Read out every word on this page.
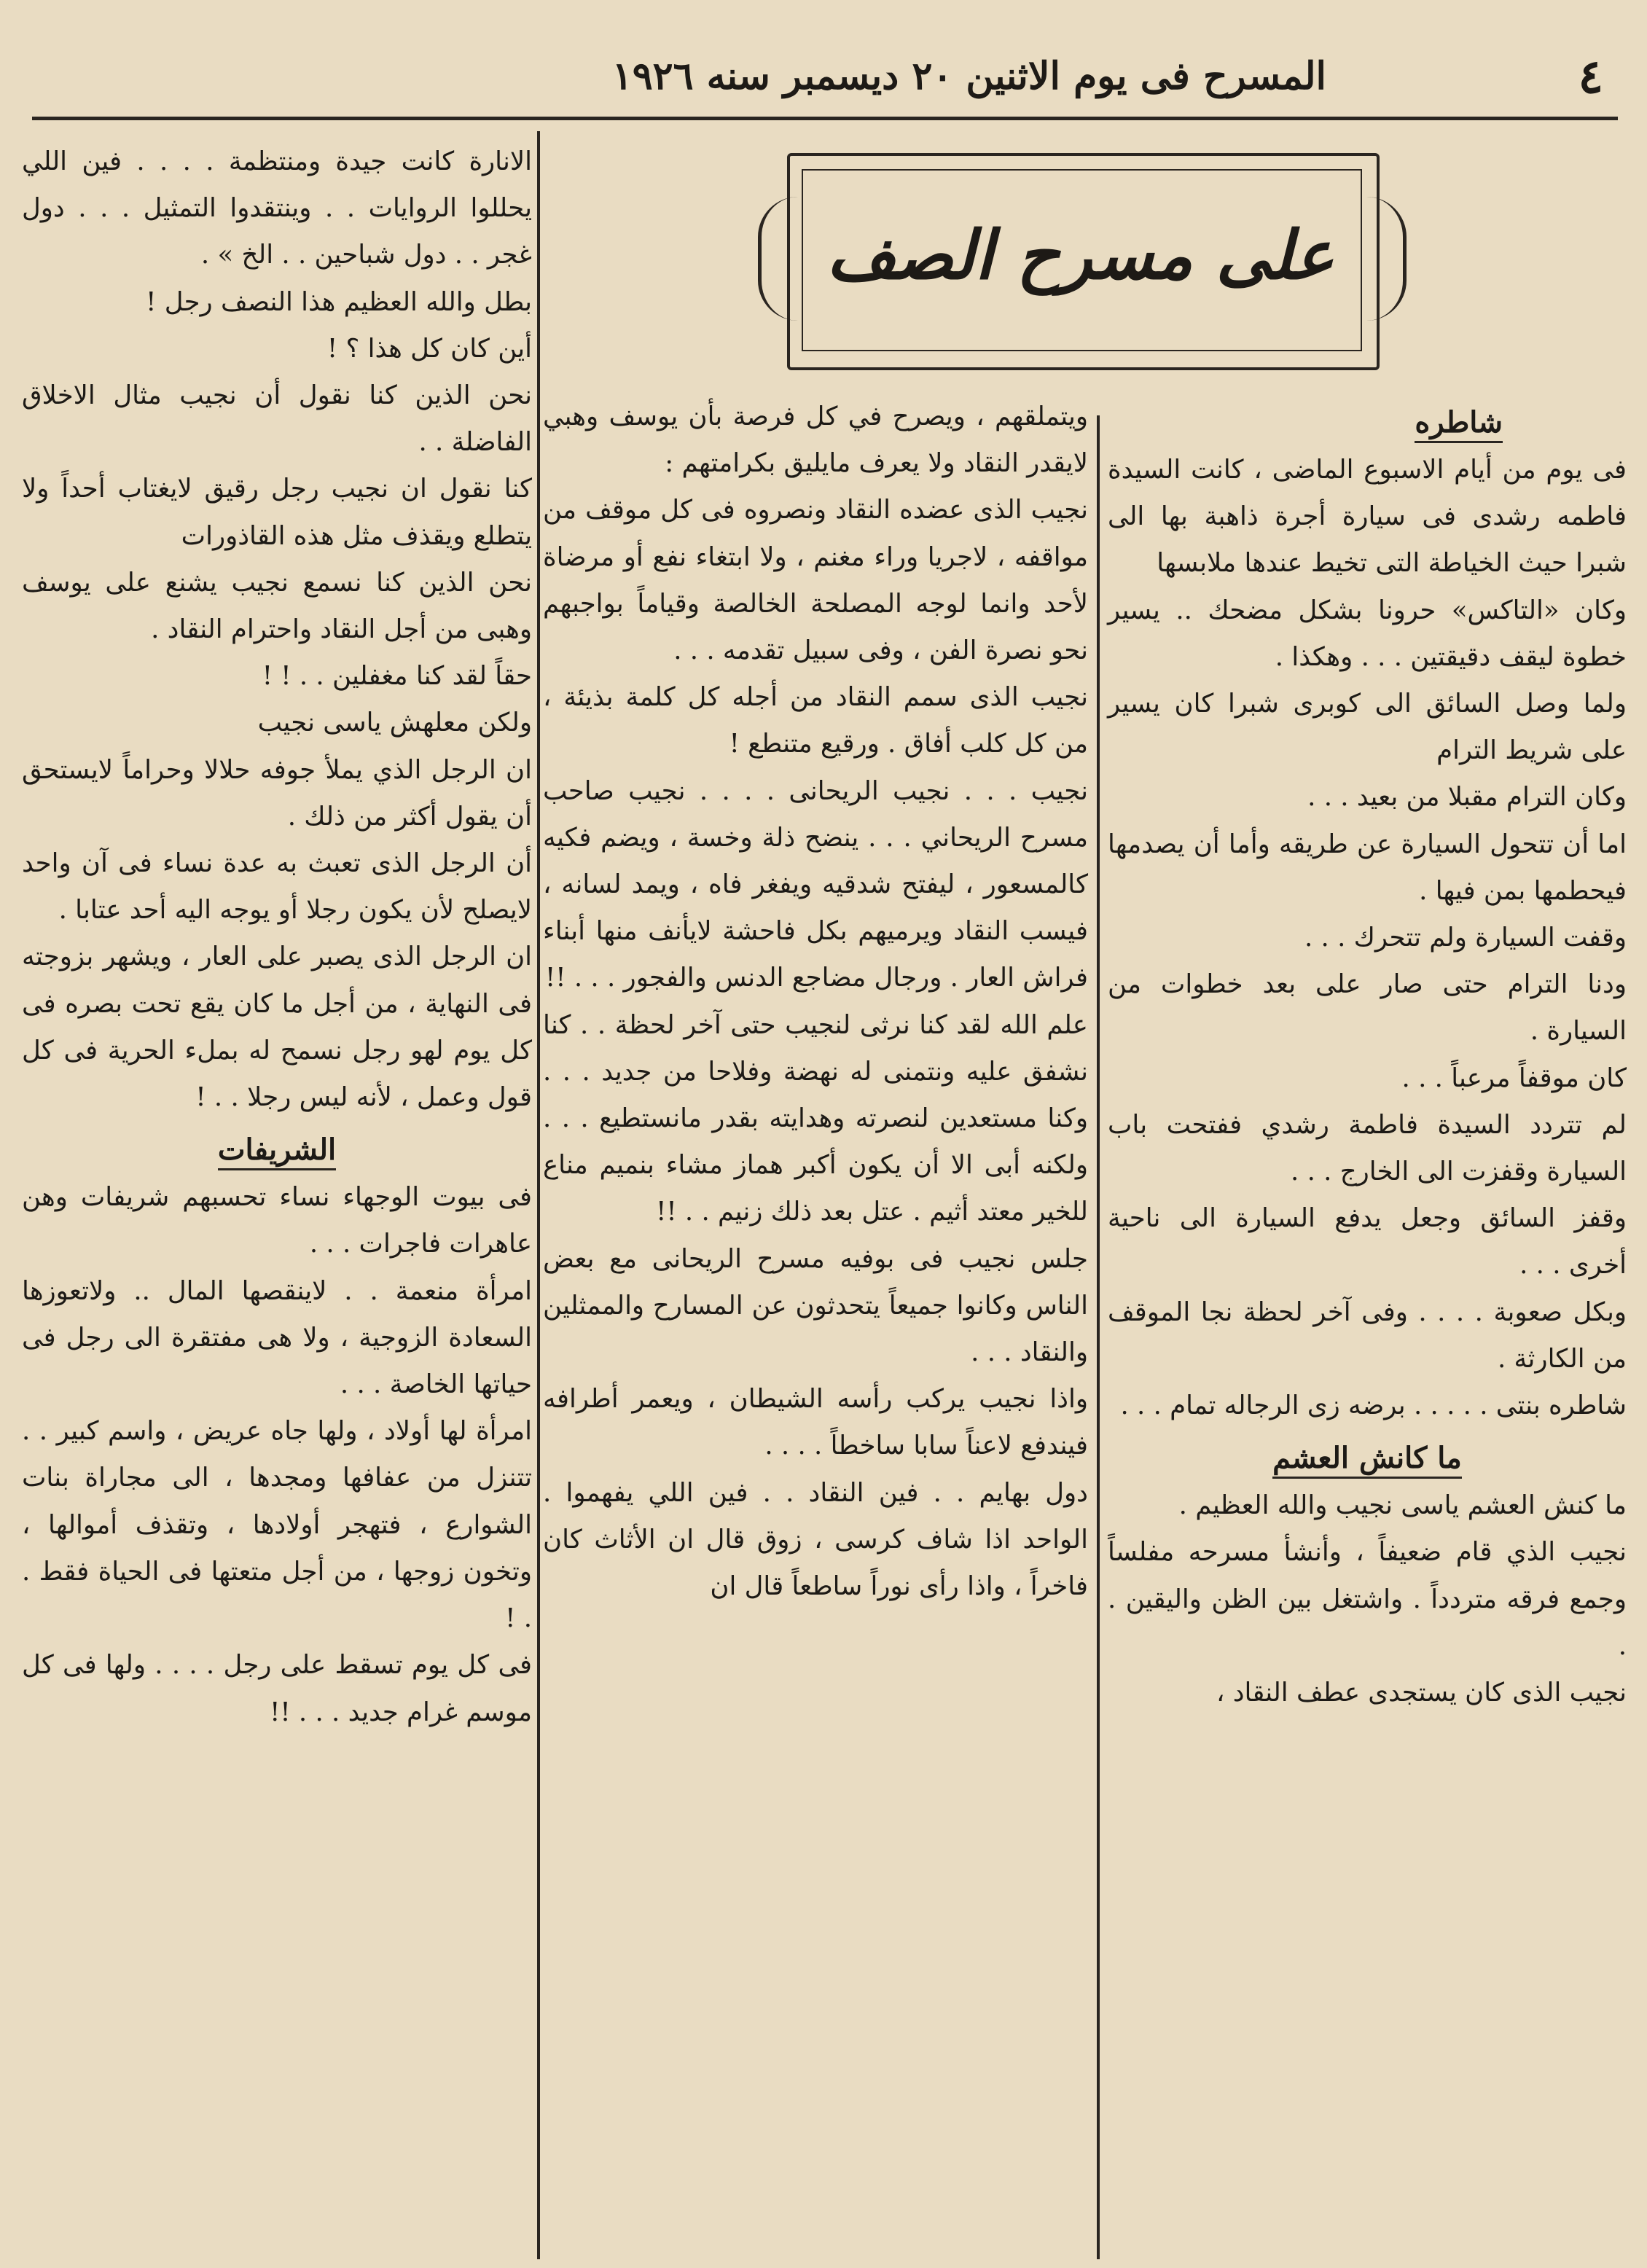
٤
المسرح فى يوم الاثنين ٢٠ ديسمبر سنه ١٩٢٦
على مسرح الصف
شاطره

فى يوم من أيام الاسبوع الماضى ، كانت السيدة فاطمه رشدى فى سيارة أجرة ذاهبة بها الى شبرا حيث الخياطة التى تخيط عندها ملابسها

وكان «التاكس» حرونا بشكل مضحك .. يسير خطوة ليقف دقيقتين . . . وهكذا .

ولما وصل السائق الى كوبرى شبرا كان يسير على شريط الترام

وكان الترام مقبلا من بعيد . . .

اما أن تتحول السيارة عن طريقه وأما أن يصدمها فيحطمها بمن فيها .

وقفت السيارة ولم تتحرك . . .

ودنا الترام حتى صار على بعد خطوات من السيارة .

كان موقفاً مرعباً . . .

لم تتردد السيدة فاطمة رشدي ففتحت باب السيارة وقفزت الى الخارج . . .

وقفز السائق وجعل يدفع السيارة الى ناحية أخرى . . .

وبكل صعوبة . . . . وفى آخر لحظة نجا الموقف من الكارثة .

شاطره بنتى . . . . . برضه زى الرجاله تمام . . .

ما كانش العشم

ما كنش العشم ياسى نجيب والله العظيم .

نجيب الذي قام ضعيفاً ، وأنشأ مسرحه مفلساً وجمع فرقه متردداً . واشتغل بين الظن واليقين . .

نجيب الذى كان يستجدى عطف النقاد ،

ويتملقهم ، ويصرح في كل فرصة بأن يوسف وهبي لايقدر النقاد ولا يعرف مايليق بكرامتهم :

نجيب الذى عضده النقاد ونصروه فى كل موقف من مواقفه ، لاجريا وراء مغنم ، ولا ابتغاء نفع أو مرضاة لأحد وانما لوجه المصلحة الخالصة وقياماً بواجبهم نحو نصرة الفن ، وفى سبيل تقدمه . . .

نجيب الذى سمم النقاد من أجله كل كلمة بذيئة ، من كل كلب أفاق . ورقيع متنطع !

نجيب . . . نجيب الريحانى . . . . نجيب صاحب مسرح الريحاني . . . ينضح ذلة وخسة ، ويضم فكيه كالمسعور ، ليفتح شدقيه ويفغر فاه ، ويمد لسانه ، فيسب النقاد ويرميهم بكل فاحشة لايأنف منها أبناء فراش العار . ورجال مضاجع الدنس والفجور . . . !!

علم الله لقد كنا نرثى لنجيب حتى آخر لحظة . . كنا نشفق عليه ونتمنى له نهضة وفلاحا من جديد . . . وكنا مستعدين لنصرته وهدايته بقدر مانستطيع . . . ولكنه أبى الا أن يكون أكبر هماز مشاء بنميم مناع للخير معتد أثيم . عتل بعد ذلك زنيم . . !!

جلس نجيب فى بوفيه مسرح الريحانى مع بعض الناس وكانوا جميعاً يتحدثون عن المسارح والممثلين والنقاد . . .

واذا نجيب يركب رأسه الشيطان ، ويعمر أطرافه فيندفع لاعناً سابا ساخطاً . . . .

دول بهايم . . فين النقاد . . فين اللي يفهموا . الواحد اذا شاف كرسى ، زوق قال ان الأثاث كان فاخراً ، واذا رأى نوراً ساطعاً قال ان

الانارة كانت جيدة ومنتظمة . . . . فين اللي يحللوا الروايات . . وينتقدوا التمثيل . . . دول غجر . . دول شباحين . . الخ » .

بطل والله العظيم هذا النصف رجل !

أين كان كل هذا ؟ !

نحن الذين كنا نقول أن نجيب مثال الاخلاق الفاضلة . .

كنا نقول ان نجيب رجل رقيق لايغتاب أحداً ولا يتطلع ويقذف مثل هذه القاذورات

نحن الذين كنا نسمع نجيب يشنع على يوسف وهبى من أجل النقاد واحترام النقاد .

حقاً لقد كنا مغفلين . . ! !

ولكن معلهش ياسى نجيب

ان الرجل الذي يملأ جوفه حلالا وحراماً لايستحق أن يقول أكثر من ذلك .

أن الرجل الذى تعبث به عدة نساء فى آن واحد لايصلح لأن يكون رجلا أو يوجه اليه أحد عتابا .

ان الرجل الذى يصبر على العار ، ويشهر بزوجته فى النهاية ، من أجل ما كان يقع تحت بصره فى كل يوم لهو رجل نسمح له بملء الحرية فى كل قول وعمل ، لأنه ليس رجلا . . !

الشريفات

فى بيوت الوجهاء نساء تحسبهم شريفات وهن عاهرات فاجرات . . .

امرأة منعمة . . لاينقصها المال .. ولاتعوزها السعادة الزوجية ، ولا هى مفتقرة الى رجل فى حياتها الخاصة . . .

امرأة لها أولاد ، ولها جاه عريض ، واسم كبير . . تتنزل من عفافها ومجدها ، الى مجاراة بنات الشوارع ، فتهجر أولادها ، وتقذف أموالها ، وتخون زوجها ، من أجل متعتها فى الحياة فقط . . !

فى كل يوم تسقط على رجل . . . . ولها فى كل موسم غرام جديد . . . !!
